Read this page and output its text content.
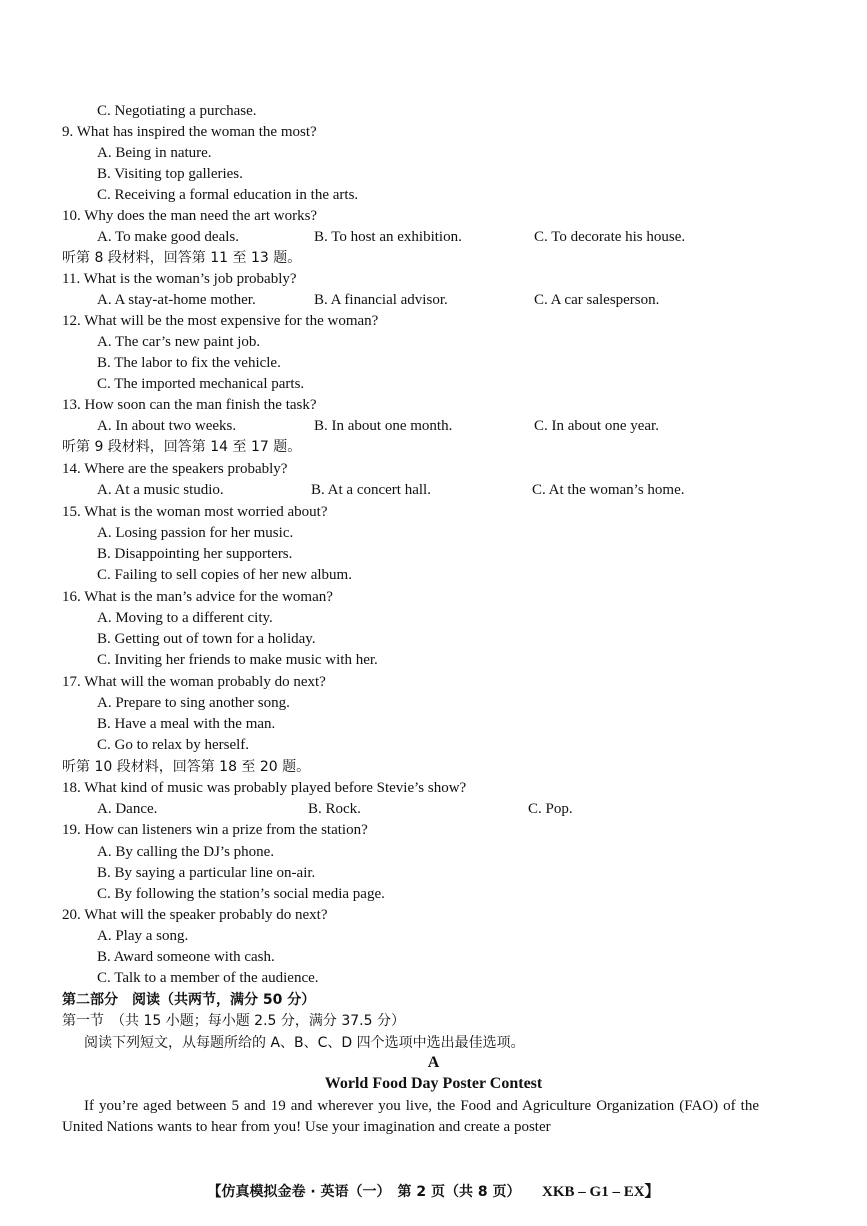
C. Negotiating a purchase.
9. What has inspired the woman the most?
A. Being in nature.
B. Visiting top galleries.
C. Receiving a formal education in the arts.
10. Why does the man need the art works?
A. To make good deals.	B. To host an exhibition.	C. To decorate his house.
听第 8 段材料，回答第 11 至 13 题。
11. What is the woman’s job probably?
A. A stay-at-home mother.	B. A financial advisor.	C. A car salesperson.
12. What will be the most expensive for the woman?
A. The car’s new paint job.
B. The labor to fix the vehicle.
C. The imported mechanical parts.
13. How soon can the man finish the task?
A. In about two weeks.	B. In about one month.	C. In about one year.
听第 9 段材料，回答第 14 至 17 题。
14. Where are the speakers probably?
A. At a music studio.	B. At a concert hall.	C. At the woman’s home.
15. What is the woman most worried about?
A. Losing passion for her music.
B. Disappointing her supporters.
C. Failing to sell copies of her new album.
16. What is the man’s advice for the woman?
A. Moving to a different city.
B. Getting out of town for a holiday.
C. Inviting her friends to make music with her.
17. What will the woman probably do next?
A. Prepare to sing another song.
B. Have a meal with the man.
C. Go to relax by herself.
听第 10 段材料，回答第 18 至 20 题。
18. What kind of music was probably played before Stevie’s show?
A. Dance.	B. Rock.	C. Pop.
19. How can listeners win a prize from the station?
A. By calling the DJ’s phone.
B. By saying a particular line on-air.
C. By following the station’s social media page.
20. What will the speaker probably do next?
A. Play a song.
B. Award someone with cash.
C. Talk to a member of the audience.
第二部分　阅读（共两节，满分 50 分）
第一节　（共 15 小题；每小题 2.5 分，满分 37.5 分）
阅读下列短文，从每题所给的 A、B、C、D 四个选项中选出最佳选项。
A
World Food Day Poster Contest
If you’re aged between 5 and 19 and wherever you live, the Food and Agriculture Organization (FAO) of the United Nations wants to hear from you! Use your imagination and create a poster
【仿真模拟金卷 · 英语（一）　第 2 页（共 8 页） XKB – G1 – EX】
